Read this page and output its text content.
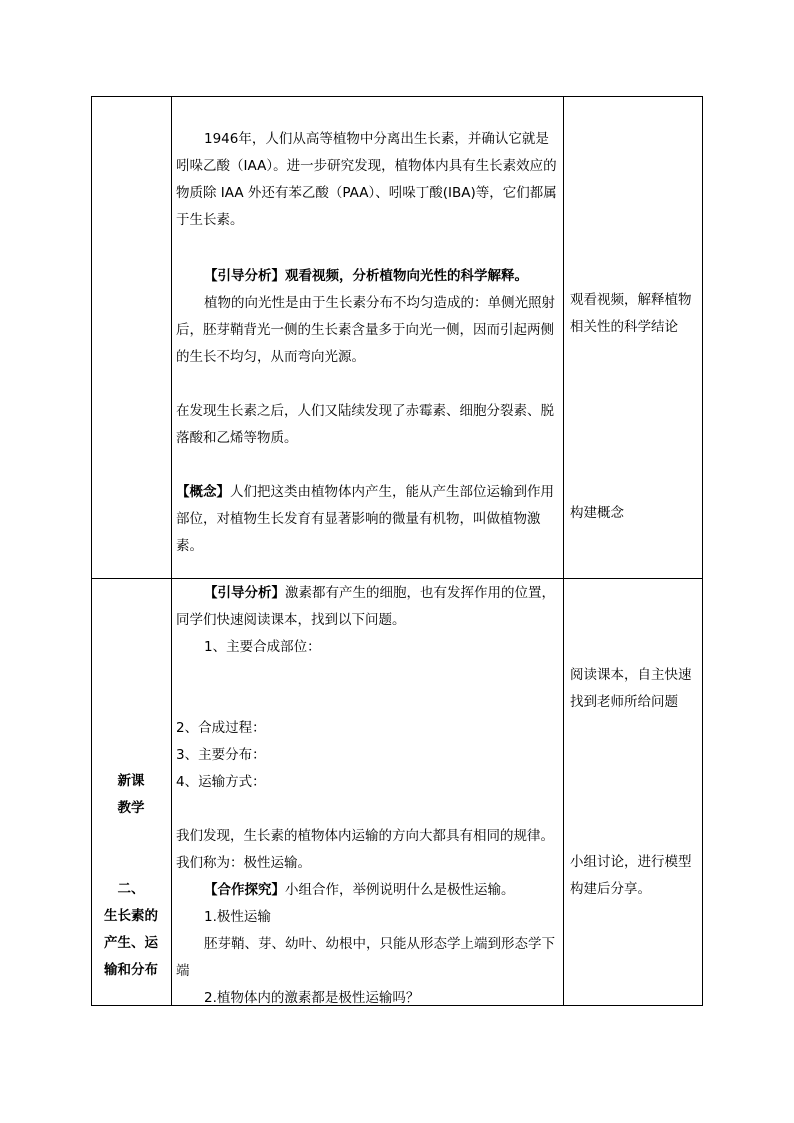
1946年，人们从高等植物中分离出生长素，并确认它就是吲哚乙酸（IAA）。进一步研究发现，植物体内具有生长素效应的物质除 IAA 外还有苯乙酸（PAA）、吲哚丁酸(IBA)等，它们都属于生长素。

【引导分析】观看视频，分析植物向光性的科学解释。

植物的向光性是由于生长素分布不均匀造成的：单侧光照射后，胚芽鞘背光一侧的生长素含量多于向光一侧，因而引起两侧的生长不均匀，从而弯向光源。

在发现生长素之后，人们又陆续发现了赤霉素、细胞分裂素、脱落酸和乙烯等物质。

【概念】人们把这类由植物体内产生，能从产生部位运输到作用部位，对植物生长发育有显著影响的微量有机物，叫做植物激素。

观看视频，解释植物相关性的科学结论
构建概念
新课
教学
二、
生长素的
产生、运
输和分布

【引导分析】激素都有产生的细胞，也有发挥作用的位置，同学们快速阅读课本，找到以下问题。

1、主要合成部位：

2、合成过程：

3、主要分布：

4、运输方式：

我们发现，生长素的植物体内运输的方向大都具有相同的规律。我们称为：极性运输。

【合作探究】小组合作，举例说明什么是极性运输。

1.极性运输

胚芽鞘、芽、幼叶、幼根中，只能从形态学上端到形态学下端

2.植物体内的激素都是极性运输吗？

阅读课本，自主快速找到老师所给问题
小组讨论，进行模型构建后分享。
